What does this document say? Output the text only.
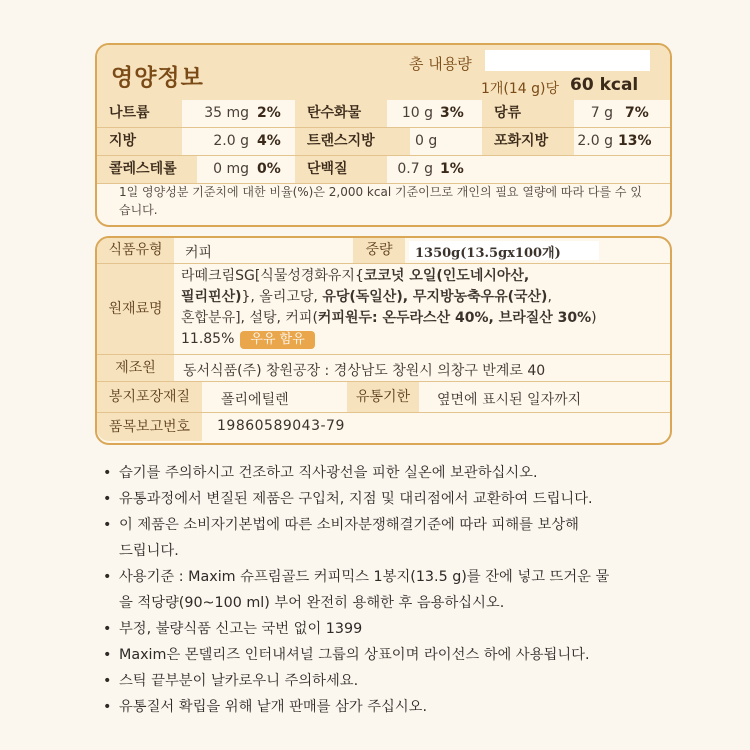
영양정보
총 내용량
1개(14 g)당 60 kcal
나트륨	35 mg 2%	탄수화물	10 g 3%	당류	7 g 7%
지방	2.0 g 4%	트랜스지방	0 g	포화지방	2.0 g 13%
콜레스테롤	0 mg 0%	단백질	0.7 g 1%
1일 영양성분 기준치에 대한 비율(%)은 2,000 kcal 기준이므로 개인의 필요 열량에 따라 다를 수 있습니다.
식품유형	커피	중량	1350g(13.5gx100개)
원재료명
라떼크림SG[식물성경화유지{코코넛 오일(인도네시아산,
필리핀산)}, 올리고당, 유당(독일산), 무지방농축우유(국산),
혼합분유], 설탕, 커피(커피원두: 온두라스산 40%, 브라질산 30%)
11.85% 우유 함유
제조원	동서식품(주) 창원공장 : 경상남도 창원시 의창구 반계로 40
봉지포장재질	폴리에틸렌	유통기한	옆면에 표시된 일자까지
품목보고번호	19860589043-79
• 습기를 주의하시고 건조하고 직사광선을 피한 실온에 보관하십시오.
• 유통과정에서 변질된 제품은 구입처, 지점 및 대리점에서 교환하여 드립니다.
• 이 제품은 소비자기본법에 따른 소비자분쟁해결기준에 따라 피해를 보상해 드립니다.
• 사용기준 : Maxim 슈프림골드 커피믹스 1봉지(13.5 g)를 잔에 넣고 뜨거운 물을 적당량(90~100 ml) 부어 완전히 용해한 후 음용하십시오.
• 부정, 불량식품 신고는 국번 없이 1399
• Maxim은 몬델리즈 인터내셔널 그룹의 상표이며 라이선스 하에 사용됩니다.
• 스틱 끝부분이 날카로우니 주의하세요.
• 유통질서 확립을 위해 낱개 판매를 삼가 주십시오.
